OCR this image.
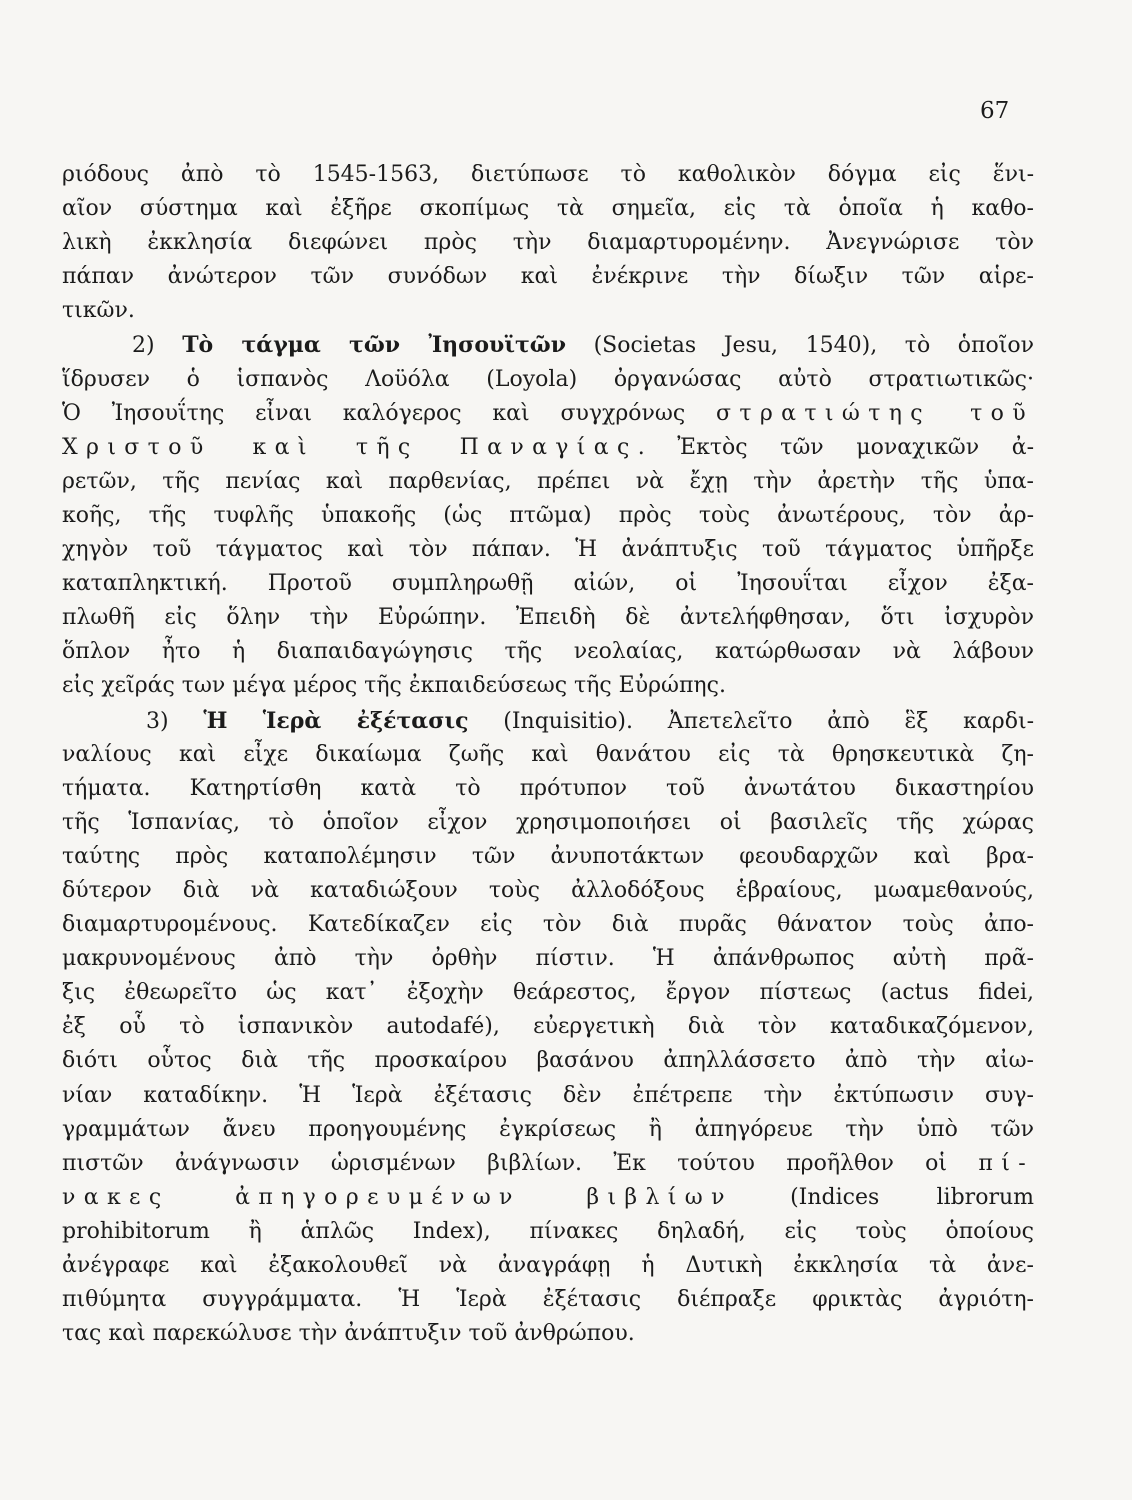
67
ριόδους ἀπὸ τὸ 1545-1563, διετύπωσε τὸ καθολικὸν δόγμα εἰς ἕνι-
αῖον σύστημα καὶ ἐξῆρε σκοπίμως τὰ σημεῖα, εἰς τὰ ὁποῖα ἡ καθο-
λικὴ ἐκκλησία διεφώνει πρὸς τὴν διαμαρτυρομένην. Ἀνεγνώρισε τὸν
πάπαν ἀνώτερον τῶν συνόδων καὶ ἐνέκρινε τὴν δίωξιν τῶν αἱρε-
τικῶν.
2) Τὸ τάγμα τῶν Ἰησουϊτῶν (Societas Jesu, 1540), τὸ ὁποῖον
ἵδρυσεν ὁ ἱσπανὸς Λοϋόλα (Loyola) ὀργανώσας αὐτὸ στρατιωτικῶς·
Ὁ Ἰησουΐτης εἶναι καλόγερος καὶ συγχρόνως στρατιώτης τοῦ
Χριστοῦ καὶ τῆς Παναγίας. Ἐκτὸς τῶν μοναχικῶν ἀ-
ρετῶν, τῆς πενίας καὶ παρθενίας, πρέπει νὰ ἔχῃ τὴν ἀρετὴν τῆς ὑπα-
κοῆς, τῆς τυφλῆς ὑπακοῆς (ὡς πτῶμα) πρὸς τοὺς ἀνωτέρους, τὸν ἀρ-
χηγὸν τοῦ τάγματος καὶ τὸν πάπαν. Ἡ ἀνάπτυξις τοῦ τάγματος ὑπῆρξε
καταπληκτική. Προτοῦ συμπληρωθῇ αἰών, οἱ Ἰησουΐται εἶχον ἐξα-
πλωθῆ εἰς ὅλην τὴν Εὐρώπην. Ἐπειδὴ δὲ ἀντελήφθησαν, ὅτι ἰσχυρὸν
ὅπλον ἦτο ἡ διαπαιδαγώγησις τῆς νεολαίας, κατώρθωσαν νὰ λάβουν
εἰς χεῖράς των μέγα μέρος τῆς ἐκπαιδεύσεως τῆς Εὐρώπης.
3) Ἡ Ἱερὰ ἐξέτασις (Inquisitio). Ἀπετελεῖτο ἀπὸ ἓξ καρδι-
ναλίους καὶ εἶχε δικαίωμα ζωῆς καὶ θανάτου εἰς τὰ θρησκευτικὰ ζη-
τήματα. Κατηρτίσθη κατὰ τὸ πρότυπον τοῦ ἀνωτάτου δικαστηρίου
τῆς Ἱσπανίας, τὸ ὁποῖον εἶχον χρησιμοποιήσει οἱ βασιλεῖς τῆς χώρας
ταύτης πρὸς καταπολέμησιν τῶν ἀνυποτάκτων φεουδαρχῶν καὶ βρα-
δύτερον διὰ νὰ καταδιώξουν τοὺς ἀλλοδόξους ἑβραίους, μωαμεθανούς,
διαμαρτυρομένους. Κατεδίκαζεν εἰς τὸν διὰ πυρᾶς θάνατον τοὺς ἀπο-
μακρυνομένους ἀπὸ τὴν ὀρθὴν πίστιν. Ἡ ἀπάνθρωπος αὐτὴ πρᾶ-
ξις ἐθεωρεῖτο ὡς κατ᾽ ἐξοχὴν θεάρεστος, ἔργον πίστεως (actus fidei,
ἐξ οὗ τὸ ἱσπανικὸν autodafé), εὐεργετικὴ διὰ τὸν καταδικαζόμενον,
διότι οὗτος διὰ τῆς προσκαίρου βασάνου ἀπηλλάσσετο ἀπὸ τὴν αἰω-
νίαν καταδίκην. Ἡ Ἱερὰ ἐξέτασις δὲν ἐπέτρεπε τὴν ἐκτύπωσιν συγ-
γραμμάτων ἄνευ προηγουμένης ἐγκρίσεως ἢ ἀπηγόρευε τὴν ὑπὸ τῶν
πιστῶν ἀνάγνωσιν ὡρισμένων βιβλίων. Ἐκ τούτου προῆλθον οἱ πί-
νακες ἀπηγορευμένων βιβλίων (Indices librorum
prohibitorum ἢ ἁπλῶς Index), πίνακες δηλαδή, εἰς τοὺς ὁποίους
ἀνέγραφε καὶ ἐξακολουθεῖ νὰ ἀναγράφῃ ἡ Δυτικὴ ἐκκλησία τὰ ἀνε-
πιθύμητα συγγράμματα. Ἡ Ἱερὰ ἐξέτασις διέπραξε φρικτὰς ἀγριότη-
τας καὶ παρεκώλυσε τὴν ἀνάπτυξιν τοῦ ἀνθρώπου.
